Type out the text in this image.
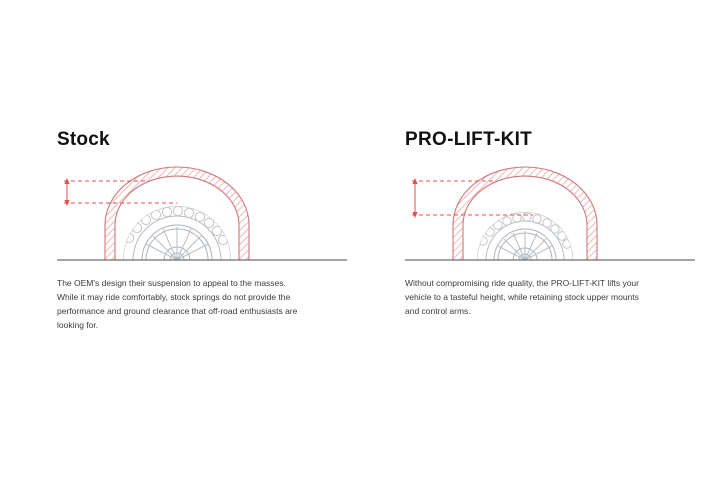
Stock
The OEM's design their suspension to appeal to the masses. While it may ride comfortably, stock springs do not provide the performance and ground clearance that off-road enthusiasts are looking for.
PRO-LIFT-KIT
Without compromising ride quality, the PRO-LIFT-KIT lifts your vehicle to a tasteful height, while retaining stock upper mounts and control arms.
